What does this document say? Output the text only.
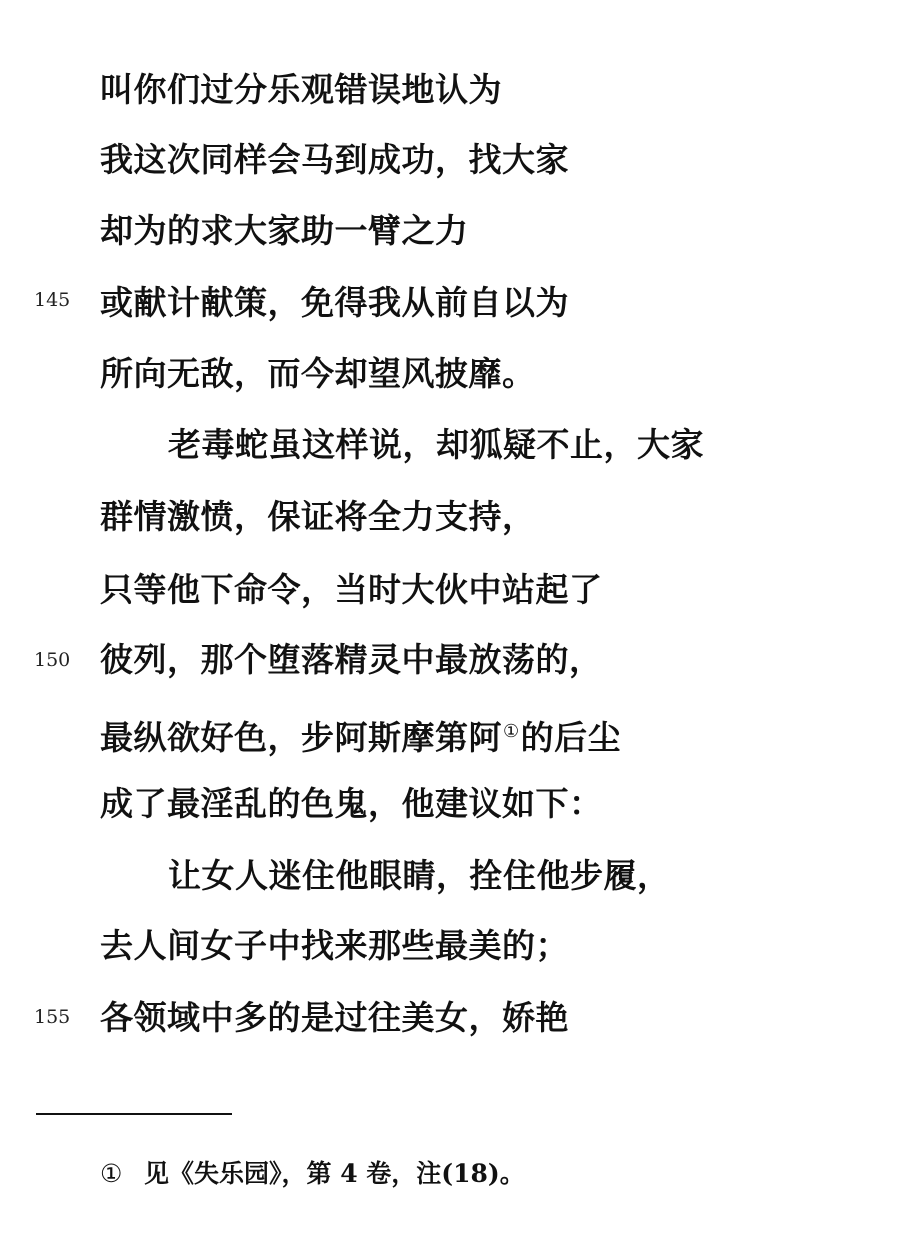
145
150
155
叫你们过分乐观错误地认为
我这次同样会马到成功，找大家
却为的求大家助一臂之力
或献计献策，免得我从前自以为
所向无敌，而今却望风披靡。
老毒蛇虽这样说，却狐疑不止，大家
群情激愤，保证将全力支持，
只等他下命令，当时大伙中站起了
彼列，那个堕落精灵中最放荡的，
最纵欲好色，步阿斯摩第阿①的后尘
成了最淫乱的色鬼，他建议如下：
让女人迷住他眼睛，拴住他步履，
去人间女子中找来那些最美的；
各领域中多的是过往美女，娇艳
① 见《失乐园》，第 4 卷，注(18)。
